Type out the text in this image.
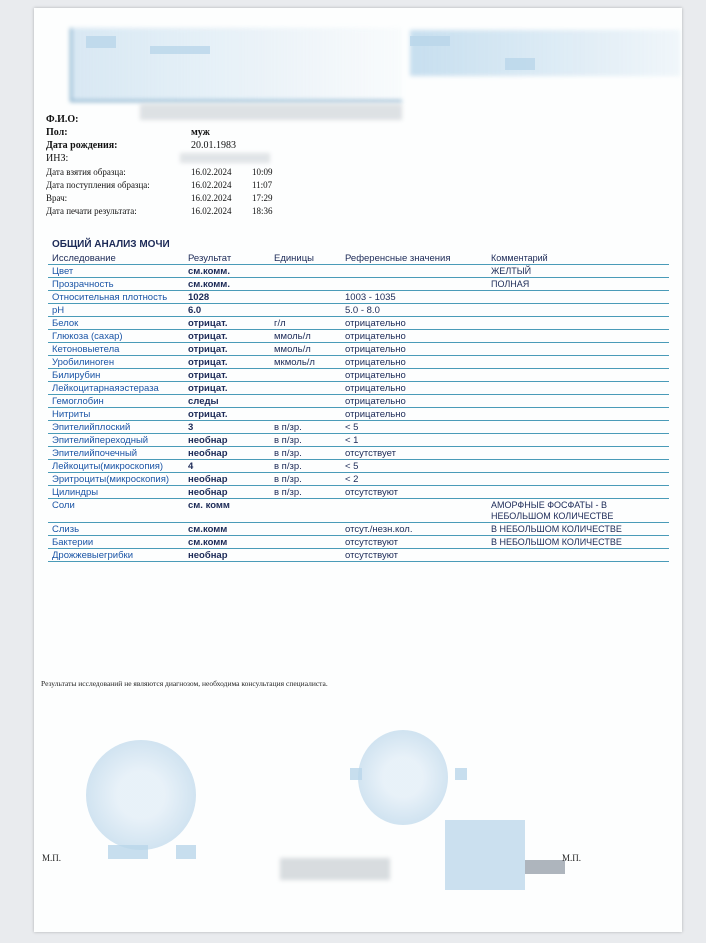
Ф.И.О:
Пол:	муж
Дата рождения:	20.01.1983
ИНЗ:
Дата взятия образца:	16.02.2024 10:09
Дата поступления образца:	16.02.2024 11:07
Врач:	16.02.2024 17:29
Дата печати результата:	16.02.2024 18:36
ОБЩИЙ АНАЛИЗ МОЧИ
Исследование	Результат	Единицы	Референсные значения	Комментарий
Цвет	см.комм.			ЖЕЛТЫЙ
Прозрачность	см.комм.			ПОЛНАЯ
Относительная плотность	1028		1003 - 1035	
pH	6.0		5.0 - 8.0	
Белок	отрицат.	г/л	отрицательно	
Глюкоза (сахар)	отрицат.	ммоль/л	отрицательно	
Кетоновыетела	отрицат.	ммоль/л	отрицательно	
Уробилиноген	отрицат.	мкмоль/л	отрицательно	
Билирубин	отрицат.		отрицательно	
Лейкоцитарнаяэстераза	отрицат.		отрицательно	
Гемоглобин	следы		отрицательно	
Нитриты	отрицат.		отрицательно	
Эпителийплоский	3	в п/зр.	< 5	
Эпителийпереходный	необнар	в п/зр.	< 1	
Эпителийпочечный	необнар	в п/зр.	отсутствует	
Лейкоциты(микроскопия)	4	в п/зр.	< 5	
Эритроциты(микроскопия)	необнар	в п/зр.	< 2	
Цилиндры	необнар	в п/зр.	отсутствуют	
Соли	см. комм			АМОРФНЫЕ ФОСФАТЫ - В НЕБОЛЬШОМ КОЛИЧЕСТВЕ
Слизь	см.комм		отсут./незн.кол.	В НЕБОЛЬШОМ КОЛИЧЕСТВЕ
Бактерии	см.комм		отсутствуют	В НЕБОЛЬШОМ КОЛИЧЕСТВЕ
Дрожжевыегрибки	необнар		отсутствуют	
Результаты исследований не являются диагнозом, необходима консультация специалиста.
М.П.	М.П.
